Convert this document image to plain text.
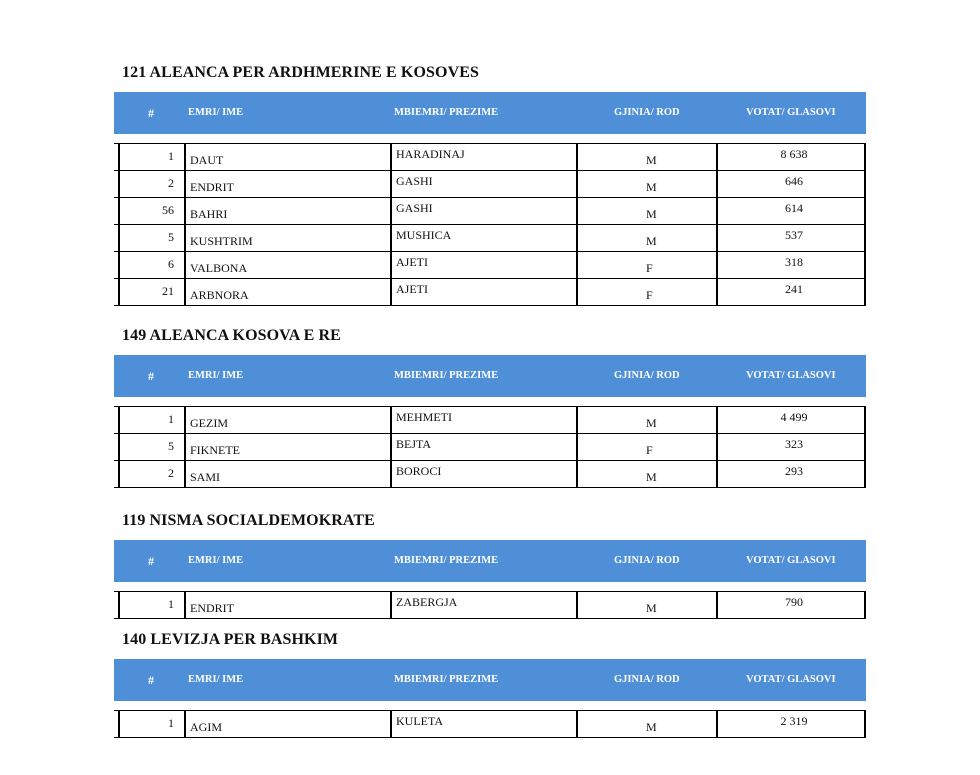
121 ALEANCA PER ARDHMERINE E KOSOVES
#	EMRI/ IME	MBIEMRI/ PREZIME	GJINIA/ ROD	VOTAT/ GLASOVI
1 DAUT	HARADINAJ	M	8 638
2 ENDRIT	GASHI	M	646
56 BAHRI	GASHI	M	614
5 KUSHTRIM	MUSHICA	M	537
6 VALBONA	AJETI	F	318
21 ARBNORA	AJETI	F	241
149 ALEANCA KOSOVA E RE
#	EMRI/ IME	MBIEMRI/ PREZIME	GJINIA/ ROD	VOTAT/ GLASOVI
1 GEZIM	MEHMETI	M	4 499
5 FIKNETE	BEJTA	F	323
2 SAMI	BOROCI	M	293
119 NISMA SOCIALDEMOKRATE
#	EMRI/ IME	MBIEMRI/ PREZIME	GJINIA/ ROD	VOTAT/ GLASOVI
1 ENDRIT	ZABERGJA	M	790
140 LEVIZJA PER BASHKIM
#	EMRI/ IME	MBIEMRI/ PREZIME	GJINIA/ ROD	VOTAT/ GLASOVI
1 AGIM	KULETA	M	2 319
